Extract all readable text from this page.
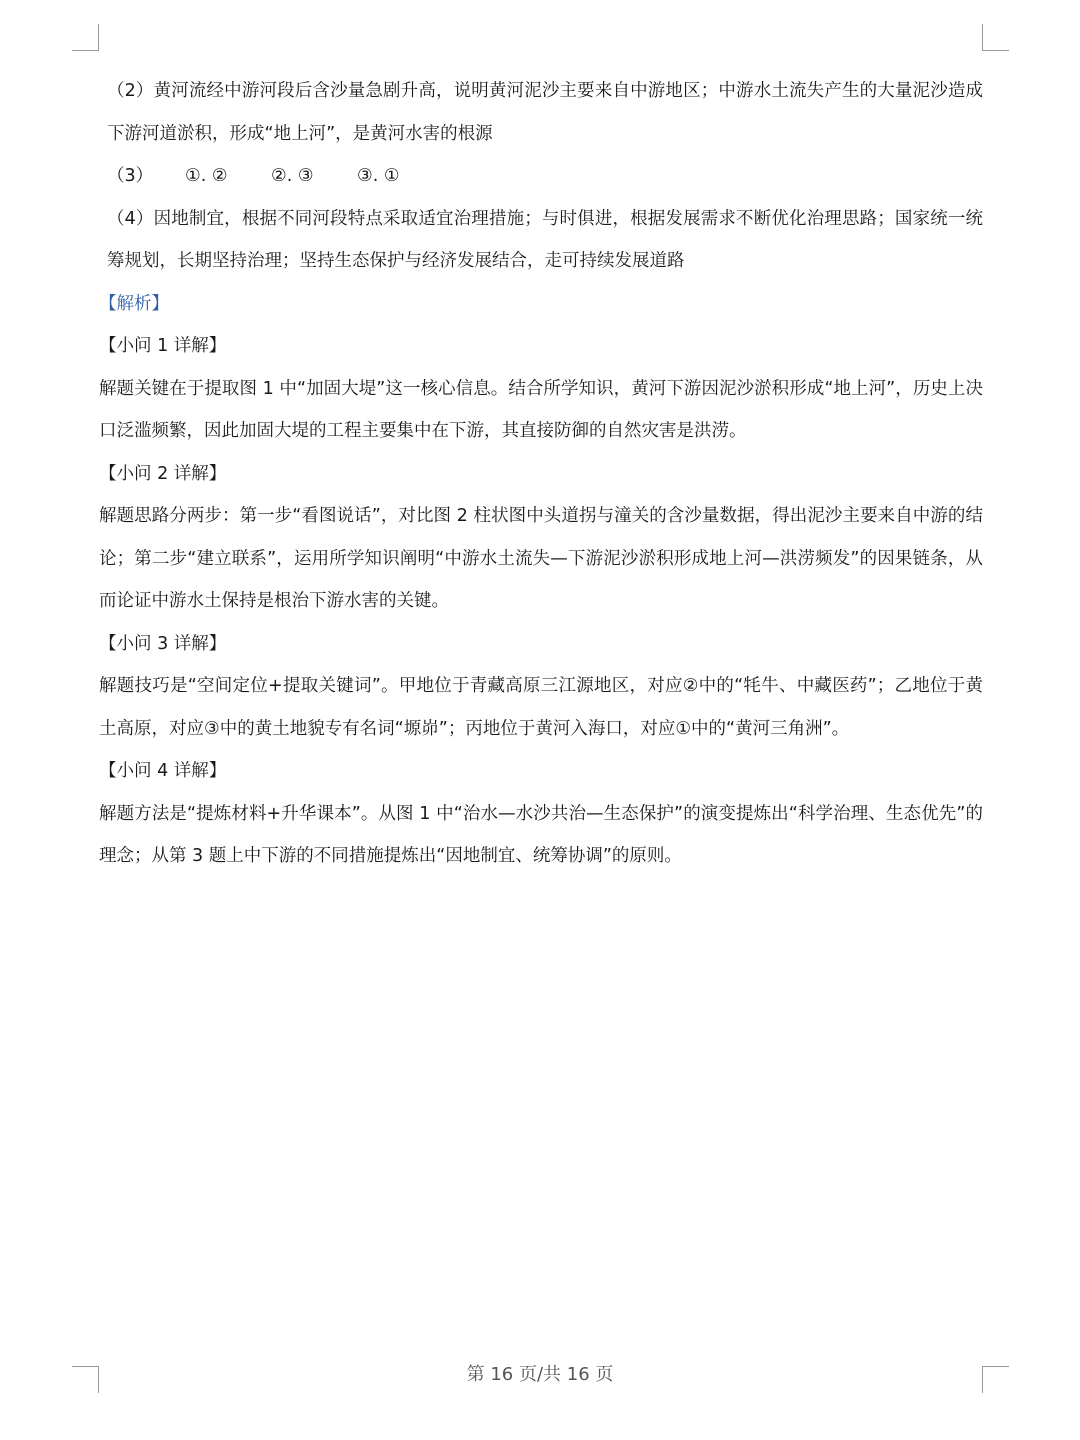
（2）黄河流经中游河段后含沙量急剧升高，说明黄河泥沙主要来自中游地区；中游水土流失产生的大量泥沙造成下游河道淤积，形成“地上河”，是黄河水害的根源

（3） ①. ② ②. ③ ③. ①

（4）因地制宜，根据不同河段特点采取适宜治理措施；与时俱进，根据发展需求不断优化治理思路；国家统一统筹规划，长期坚持治理；坚持生态保护与经济发展结合，走可持续发展道路

【解析】

【小问 1 详解】

解题关键在于提取图 1 中“加固大堤”这一核心信息。结合所学知识，黄河下游因泥沙淤积形成“地上河”，历史上决口泛滥频繁，因此加固大堤的工程主要集中在下游，其直接防御的自然灾害是洪涝。

【小问 2 详解】

解题思路分两步：第一步“看图说话”，对比图 2 柱状图中头道拐与潼关的含沙量数据，得出泥沙主要来自中游的结论；第二步“建立联系”，运用所学知识阐明“中游水土流失—下游泥沙淤积形成地上河—洪涝频发”的因果链条，从而论证中游水土保持是根治下游水害的关键。

【小问 3 详解】

解题技巧是“空间定位+提取关键词”。甲地位于青藏高原三江源地区，对应②中的“牦牛、中藏医药”；乙地位于黄土高原，对应③中的黄土地貌专有名词“塬峁”；丙地位于黄河入海口，对应①中的“黄河三角洲”。

【小问 4 详解】

解题方法是“提炼材料+升华课本”。从图 1 中“治水—水沙共治—生态保护”的演变提炼出“科学治理、生态优先”的理念；从第 3 题上中下游的不同措施提炼出“因地制宜、统筹协调”的原则。

第 16 页/共 16 页
